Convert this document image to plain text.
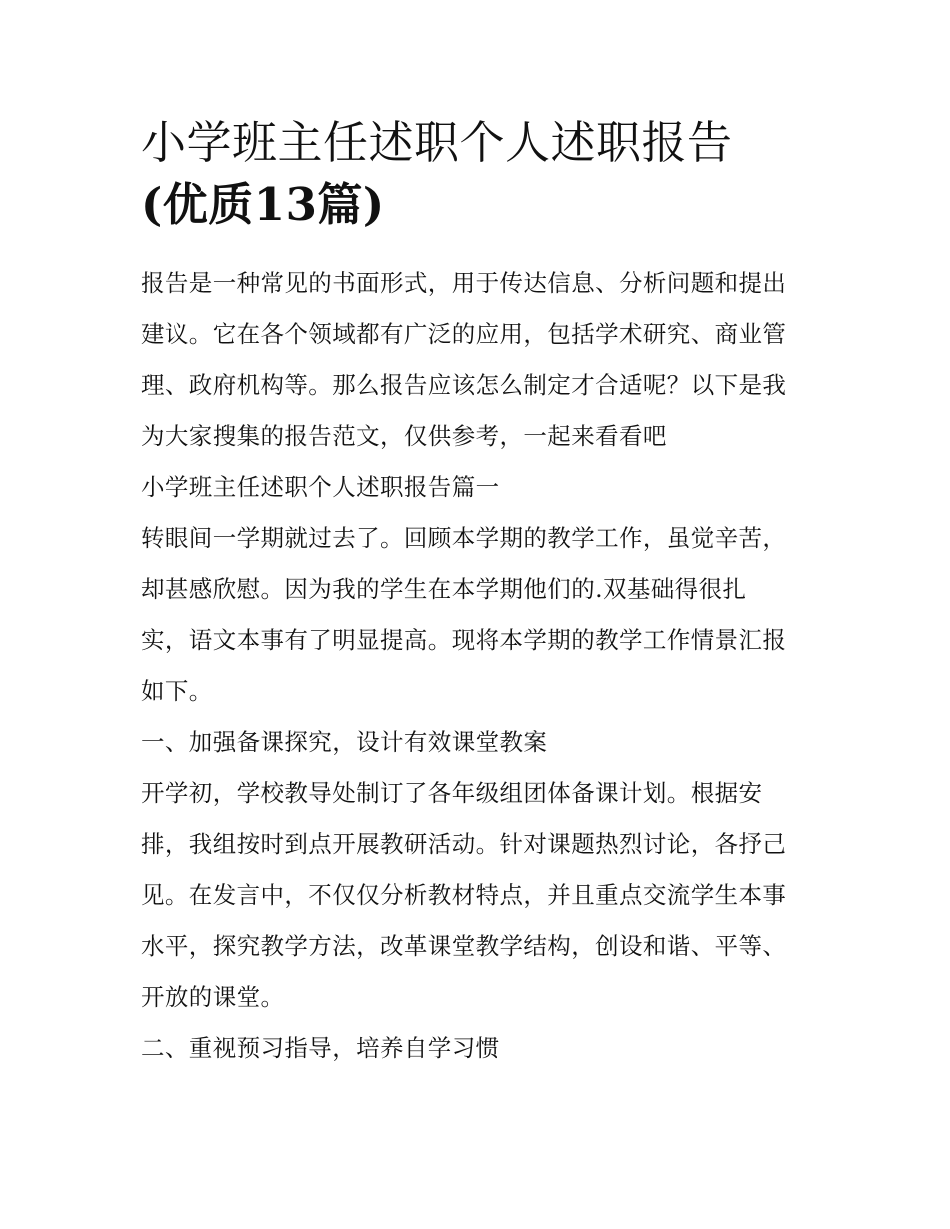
小学班主任述职个人述职报告
(优质13篇)

报告是一种常见的书面形式，用于传达信息、分析问题和提出
建议。它在各个领域都有广泛的应用，包括学术研究、商业管
理、政府机构等。那么报告应该怎么制定才合适呢？以下是我
为大家搜集的报告范文，仅供参考，一起来看看吧

小学班主任述职个人述职报告篇一

转眼间一学期就过去了。回顾本学期的教学工作，虽觉辛苦，
却甚感欣慰。因为我的学生在本学期他们的.双基础得很扎
实，语文本事有了明显提高。现将本学期的教学工作情景汇报
如下。

一、加强备课探究，设计有效课堂教案

开学初，学校教导处制订了各年级组团体备课计划。根据安
排，我组按时到点开展教研活动。针对课题热烈讨论，各抒己
见。在发言中，不仅仅分析教材特点，并且重点交流学生本事
水平，探究教学方法，改革课堂教学结构，创设和谐、平等、
开放的课堂。

二、重视预习指导，培养自学习惯
